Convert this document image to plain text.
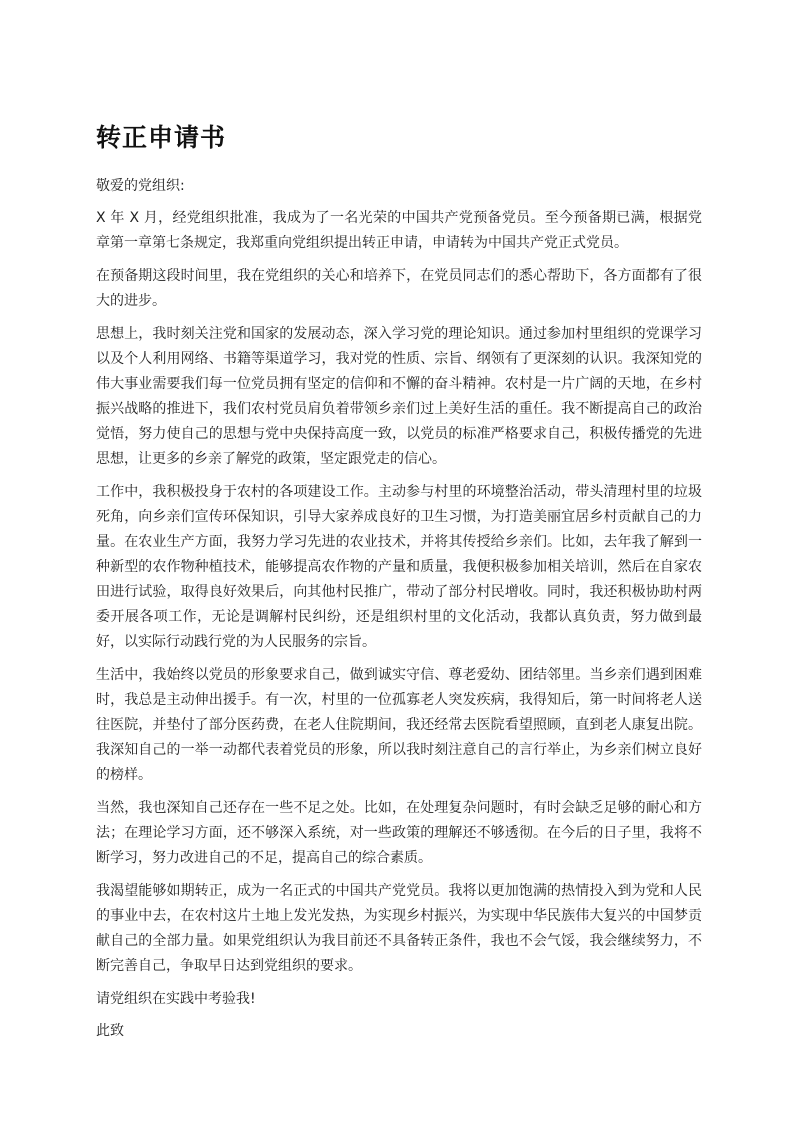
转正申请书

敬爱的党组织:

X 年 X 月，经党组织批准，我成为了一名光荣的中国共产党预备党员。至今预备期已满，根据党章第一章第七条规定，我郑重向党组织提出转正申请，申请转为中国共产党正式党员。

在预备期这段时间里，我在党组织的关心和培养下，在党员同志们的悉心帮助下，各方面都有了很大的进步。

思想上，我时刻关注党和国家的发展动态，深入学习党的理论知识。通过参加村里组织的党课学习以及个人利用网络、书籍等渠道学习，我对党的性质、宗旨、纲领有了更深刻的认识。我深知党的伟大事业需要我们每一位党员拥有坚定的信仰和不懈的奋斗精神。农村是一片广阔的天地，在乡村振兴战略的推进下，我们农村党员肩负着带领乡亲们过上美好生活的重任。我不断提高自己的政治觉悟，努力使自己的思想与党中央保持高度一致，以党员的标准严格要求自己，积极传播党的先进思想，让更多的乡亲了解党的政策，坚定跟党走的信心。

工作中，我积极投身于农村的各项建设工作。主动参与村里的环境整治活动，带头清理村里的垃圾死角，向乡亲们宣传环保知识，引导大家养成良好的卫生习惯，为打造美丽宜居乡村贡献自己的力量。在农业生产方面，我努力学习先进的农业技术，并将其传授给乡亲们。比如，去年我了解到一种新型的农作物种植技术，能够提高农作物的产量和质量，我便积极参加相关培训，然后在自家农田进行试验，取得良好效果后，向其他村民推广，带动了部分村民增收。同时，我还积极协助村两委开展各项工作，无论是调解村民纠纷，还是组织村里的文化活动，我都认真负责，努力做到最好，以实际行动践行党的为人民服务的宗旨。

生活中，我始终以党员的形象要求自己，做到诚实守信、尊老爱幼、团结邻里。当乡亲们遇到困难时，我总是主动伸出援手。有一次，村里的一位孤寡老人突发疾病，我得知后，第一时间将老人送往医院，并垫付了部分医药费，在老人住院期间，我还经常去医院看望照顾，直到老人康复出院。我深知自己的一举一动都代表着党员的形象，所以我时刻注意自己的言行举止，为乡亲们树立良好的榜样。

当然，我也深知自己还存在一些不足之处。比如，在处理复杂问题时，有时会缺乏足够的耐心和方法；在理论学习方面，还不够深入系统，对一些政策的理解还不够透彻。在今后的日子里，我将不断学习，努力改进自己的不足，提高自己的综合素质。

我渴望能够如期转正，成为一名正式的中国共产党党员。我将以更加饱满的热情投入到为党和人民的事业中去，在农村这片土地上发光发热，为实现乡村振兴，为实现中华民族伟大复兴的中国梦贡献自己的全部力量。如果党组织认为我目前还不具备转正条件，我也不会气馁，我会继续努力，不断完善自己，争取早日达到党组织的要求。

请党组织在实践中考验我!

此致
